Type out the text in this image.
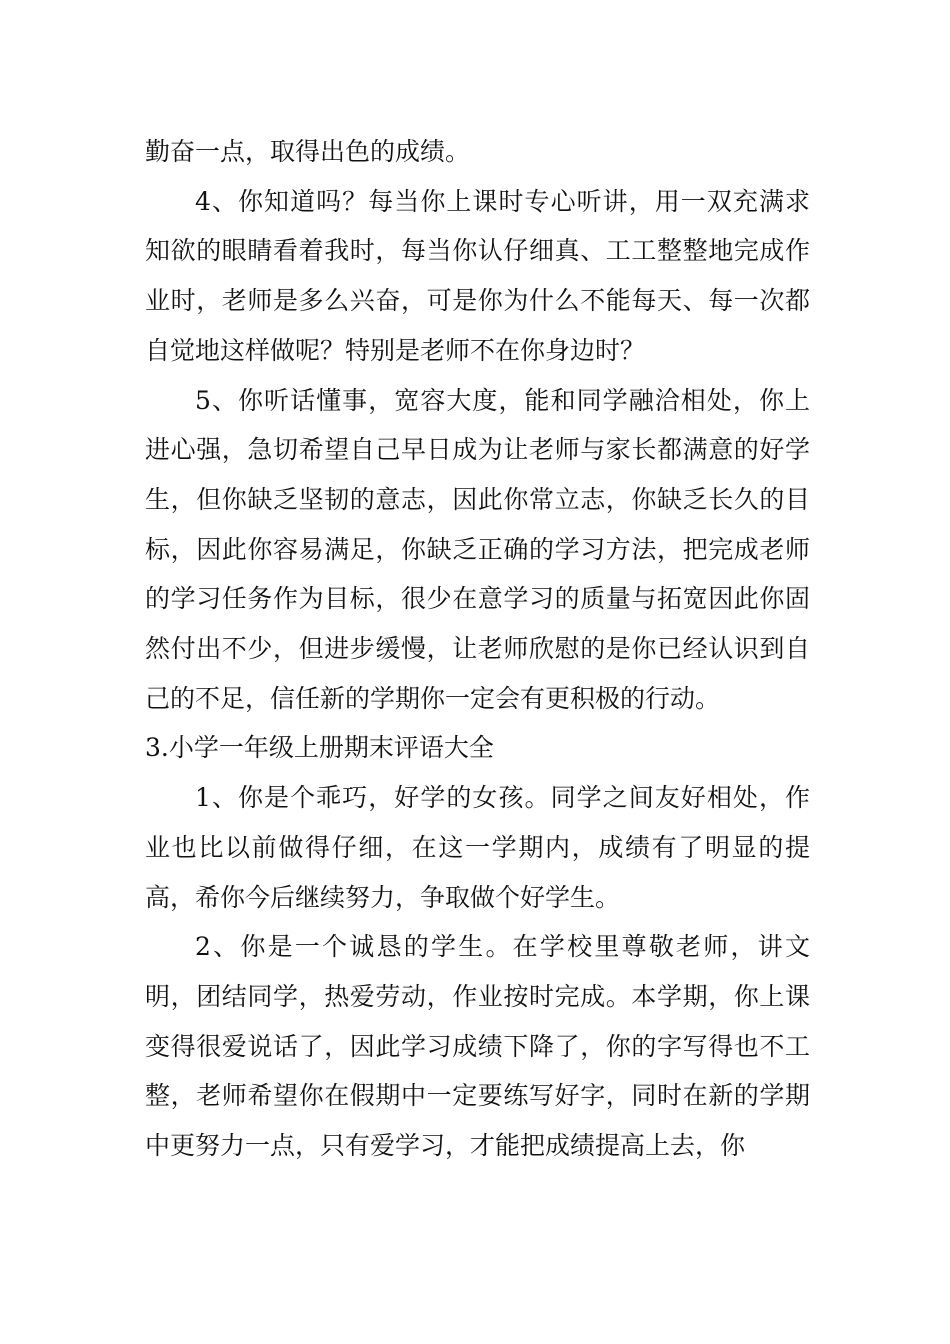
勤奋一点，取得出色的成绩。

4、你知道吗？每当你上课时专心听讲，用一双充满求知欲的眼睛看着我时，每当你认仔细真、工工整整地完成作业时，老师是多么兴奋，可是你为什么不能每天、每一次都自觉地这样做呢？特别是老师不在你身边时？

5、你听话懂事，宽容大度，能和同学融洽相处，你上进心强，急切希望自己早日成为让老师与家长都满意的好学生，但你缺乏坚韧的意志，因此你常立志，你缺乏长久的目标，因此你容易满足，你缺乏正确的学习方法，把完成老师的学习任务作为目标，很少在意学习的质量与拓宽因此你固然付出不少，但进步缓慢，让老师欣慰的是你已经认识到自己的不足，信任新的学期你一定会有更积极的行动。

3.小学一年级上册期末评语大全

1、你是个乖巧，好学的女孩。同学之间友好相处，作业也比以前做得仔细，在这一学期内，成绩有了明显的提高，希你今后继续努力，争取做个好学生。

2、你是一个诚恳的学生。在学校里尊敬老师，讲文明，团结同学，热爱劳动，作业按时完成。本学期，你上课变得很爱说话了，因此学习成绩下降了，你的字写得也不工整，老师希望你在假期中一定要练写好字，同时在新的学期中更努力一点，只有爱学习，才能把成绩提高上去，你
